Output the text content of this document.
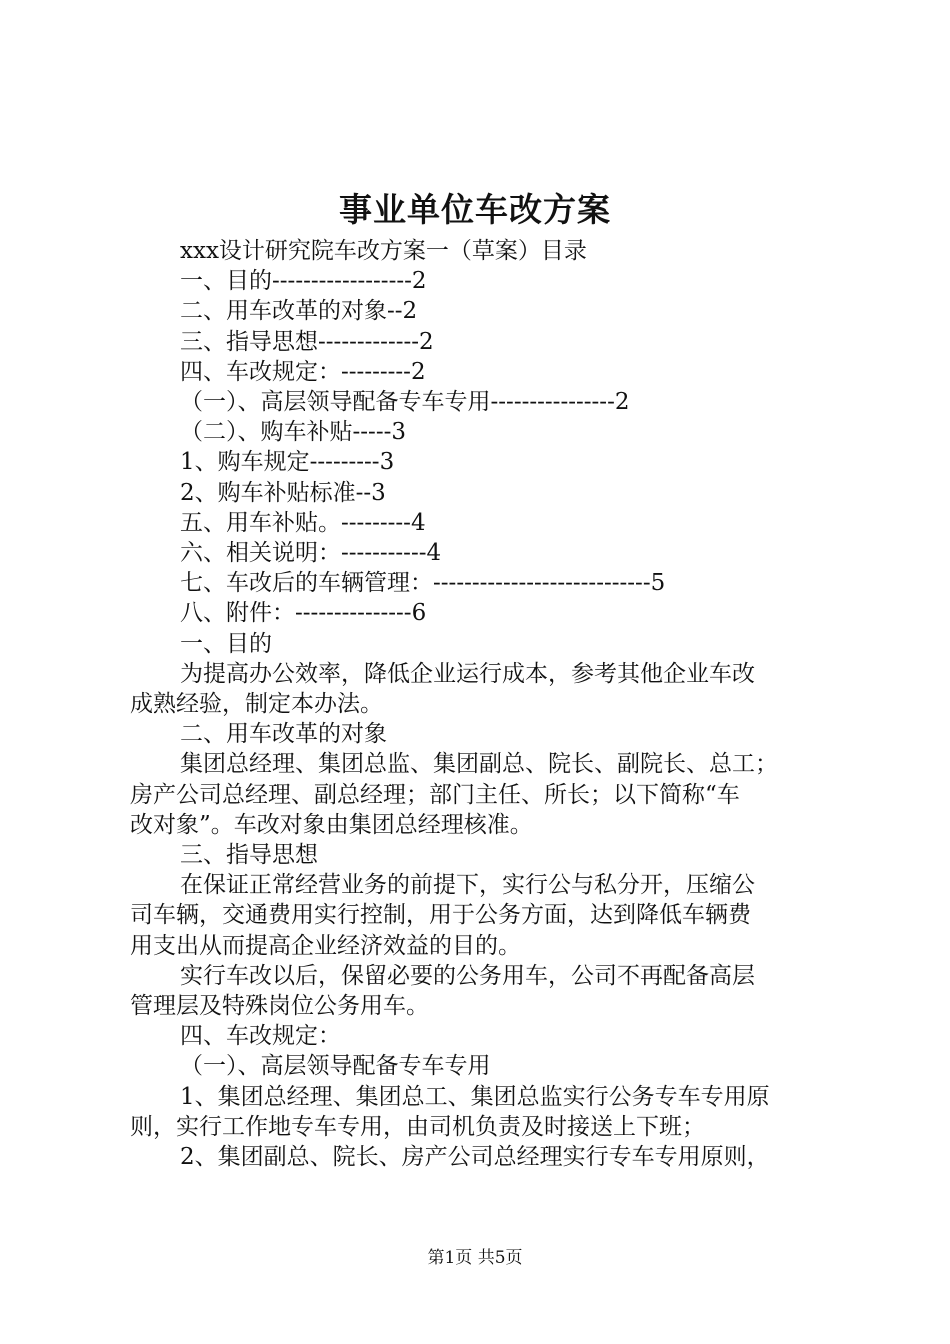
事业单位车改方案
xxx设计研究院车改方案一（草案）目录
一、目的------------------2
二、用车改革的对象--2
三、指导思想-------------2
四、车改规定：---------2
（一）、高层领导配备专车专用----------------2
（二）、购车补贴-----3
1、购车规定---------3
2、购车补贴标准--3
五、用车补贴。---------4
六、相关说明：-----------4
七、车改后的车辆管理：----------------------------5
八、附件：---------------6
一、目的
为提高办公效率，降低企业运行成本，参考其他企业车改
成熟经验，制定本办法。
二、用车改革的对象
集团总经理、集团总监、集团副总、院长、副院长、总工；
房产公司总经理、副总经理；部门主任、所长；以下简称“车
改对象”。车改对象由集团总经理核准。
三、指导思想
在保证正常经营业务的前提下，实行公与私分开，压缩公
司车辆，交通费用实行控制，用于公务方面，达到降低车辆费
用支出从而提高企业经济效益的目的。
实行车改以后，保留必要的公务用车，公司不再配备高层
管理层及特殊岗位公务用车。
四、车改规定：
（一）、高层领导配备专车专用
1、集团总经理、集团总工、集团总监实行公务专车专用原
则，实行工作地专车专用，由司机负责及时接送上下班；
2、集团副总、院长、房产公司总经理实行专车专用原则，
第1页 共5页
